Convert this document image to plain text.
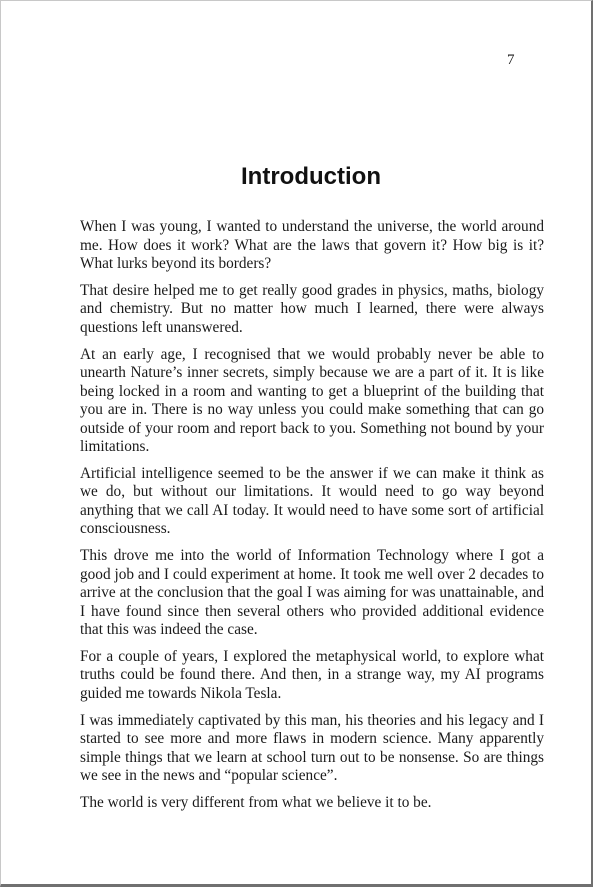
7
Introduction

When I was young, I wanted to understand the universe, the world around me. How does it work? What are the laws that govern it? How big is it? What lurks beyond its borders?

That desire helped me to get really good grades in physics, maths, biology and chemistry. But no matter how much I learned, there were always questions left unanswered.

At an early age, I recognised that we would probably never be able to unearth Nature’s inner secrets, simply because we are a part of it. It is like being locked in a room and wanting to get a blueprint of the building that you are in. There is no way unless you could make something that can go outside of your room and report back to you. Something not bound by your limitations.

Artificial intelligence seemed to be the answer if we can make it think as we do, but without our limitations. It would need to go way beyond anything that we call AI today. It would need to have some sort of artificial consciousness.

This drove me into the world of Information Technology where I got a good job and I could experiment at home. It took me well over 2 decades to arrive at the conclusion that the goal I was aiming for was unattainable, and I have found since then several others who provided additional evidence that this was indeed the case.

For a couple of years, I explored the metaphysical world, to explore what truths could be found there. And then, in a strange way, my AI programs guided me towards Nikola Tesla.

I was immediately captivated by this man, his theories and his legacy and I started to see more and more flaws in modern science. Many apparently simple things that we learn at school turn out to be nonsense. So are things we see in the news and “popular science”.

The world is very different from what we believe it to be.
